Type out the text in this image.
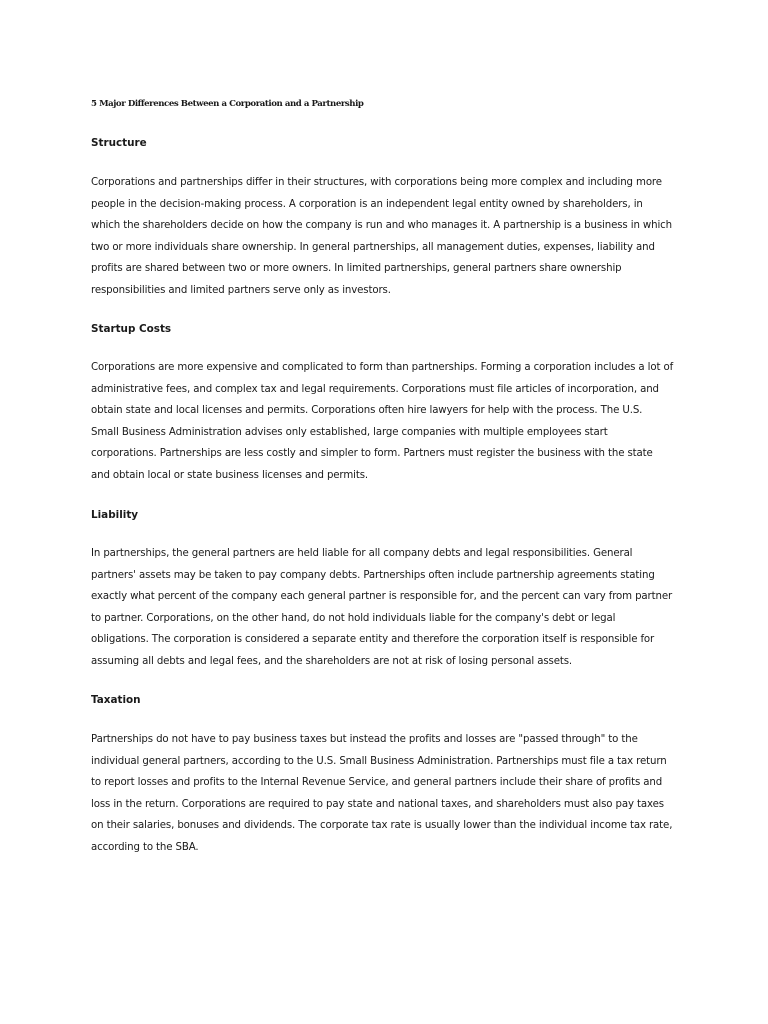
5 Major Differences Between a Corporation and a Partnership
Structure
Corporations and partnerships differ in their structures, with corporations being more complex and including more
people in the decision-making process. A corporation is an independent legal entity owned by shareholders, in
which the shareholders decide on how the company is run and who manages it. A partnership is a business in which
two or more individuals share ownership. In general partnerships, all management duties, expenses, liability and
profits are shared between two or more owners. In limited partnerships, general partners share ownership
responsibilities and limited partners serve only as investors.
Startup Costs
Corporations are more expensive and complicated to form than partnerships. Forming a corporation includes a lot of
administrative fees, and complex tax and legal requirements. Corporations must file articles of incorporation, and
obtain state and local licenses and permits. Corporations often hire lawyers for help with the process. The U.S.
Small Business Administration advises only established, large companies with multiple employees start
corporations. Partnerships are less costly and simpler to form. Partners must register the business with the state
and obtain local or state business licenses and permits.
Liability
In partnerships, the general partners are held liable for all company debts and legal responsibilities. General
partners' assets may be taken to pay company debts. Partnerships often include partnership agreements stating
exactly what percent of the company each general partner is responsible for, and the percent can vary from partner
to partner. Corporations, on the other hand, do not hold individuals liable for the company's debt or legal
obligations. The corporation is considered a separate entity and therefore the corporation itself is responsible for
assuming all debts and legal fees, and the shareholders are not at risk of losing personal assets.
Taxation
Partnerships do not have to pay business taxes but instead the profits and losses are "passed through" to the
individual general partners, according to the U.S. Small Business Administration. Partnerships must file a tax return
to report losses and profits to the Internal Revenue Service, and general partners include their share of profits and
loss in the return. Corporations are required to pay state and national taxes, and shareholders must also pay taxes
on their salaries, bonuses and dividends. The corporate tax rate is usually lower than the individual income tax rate,
according to the SBA.
